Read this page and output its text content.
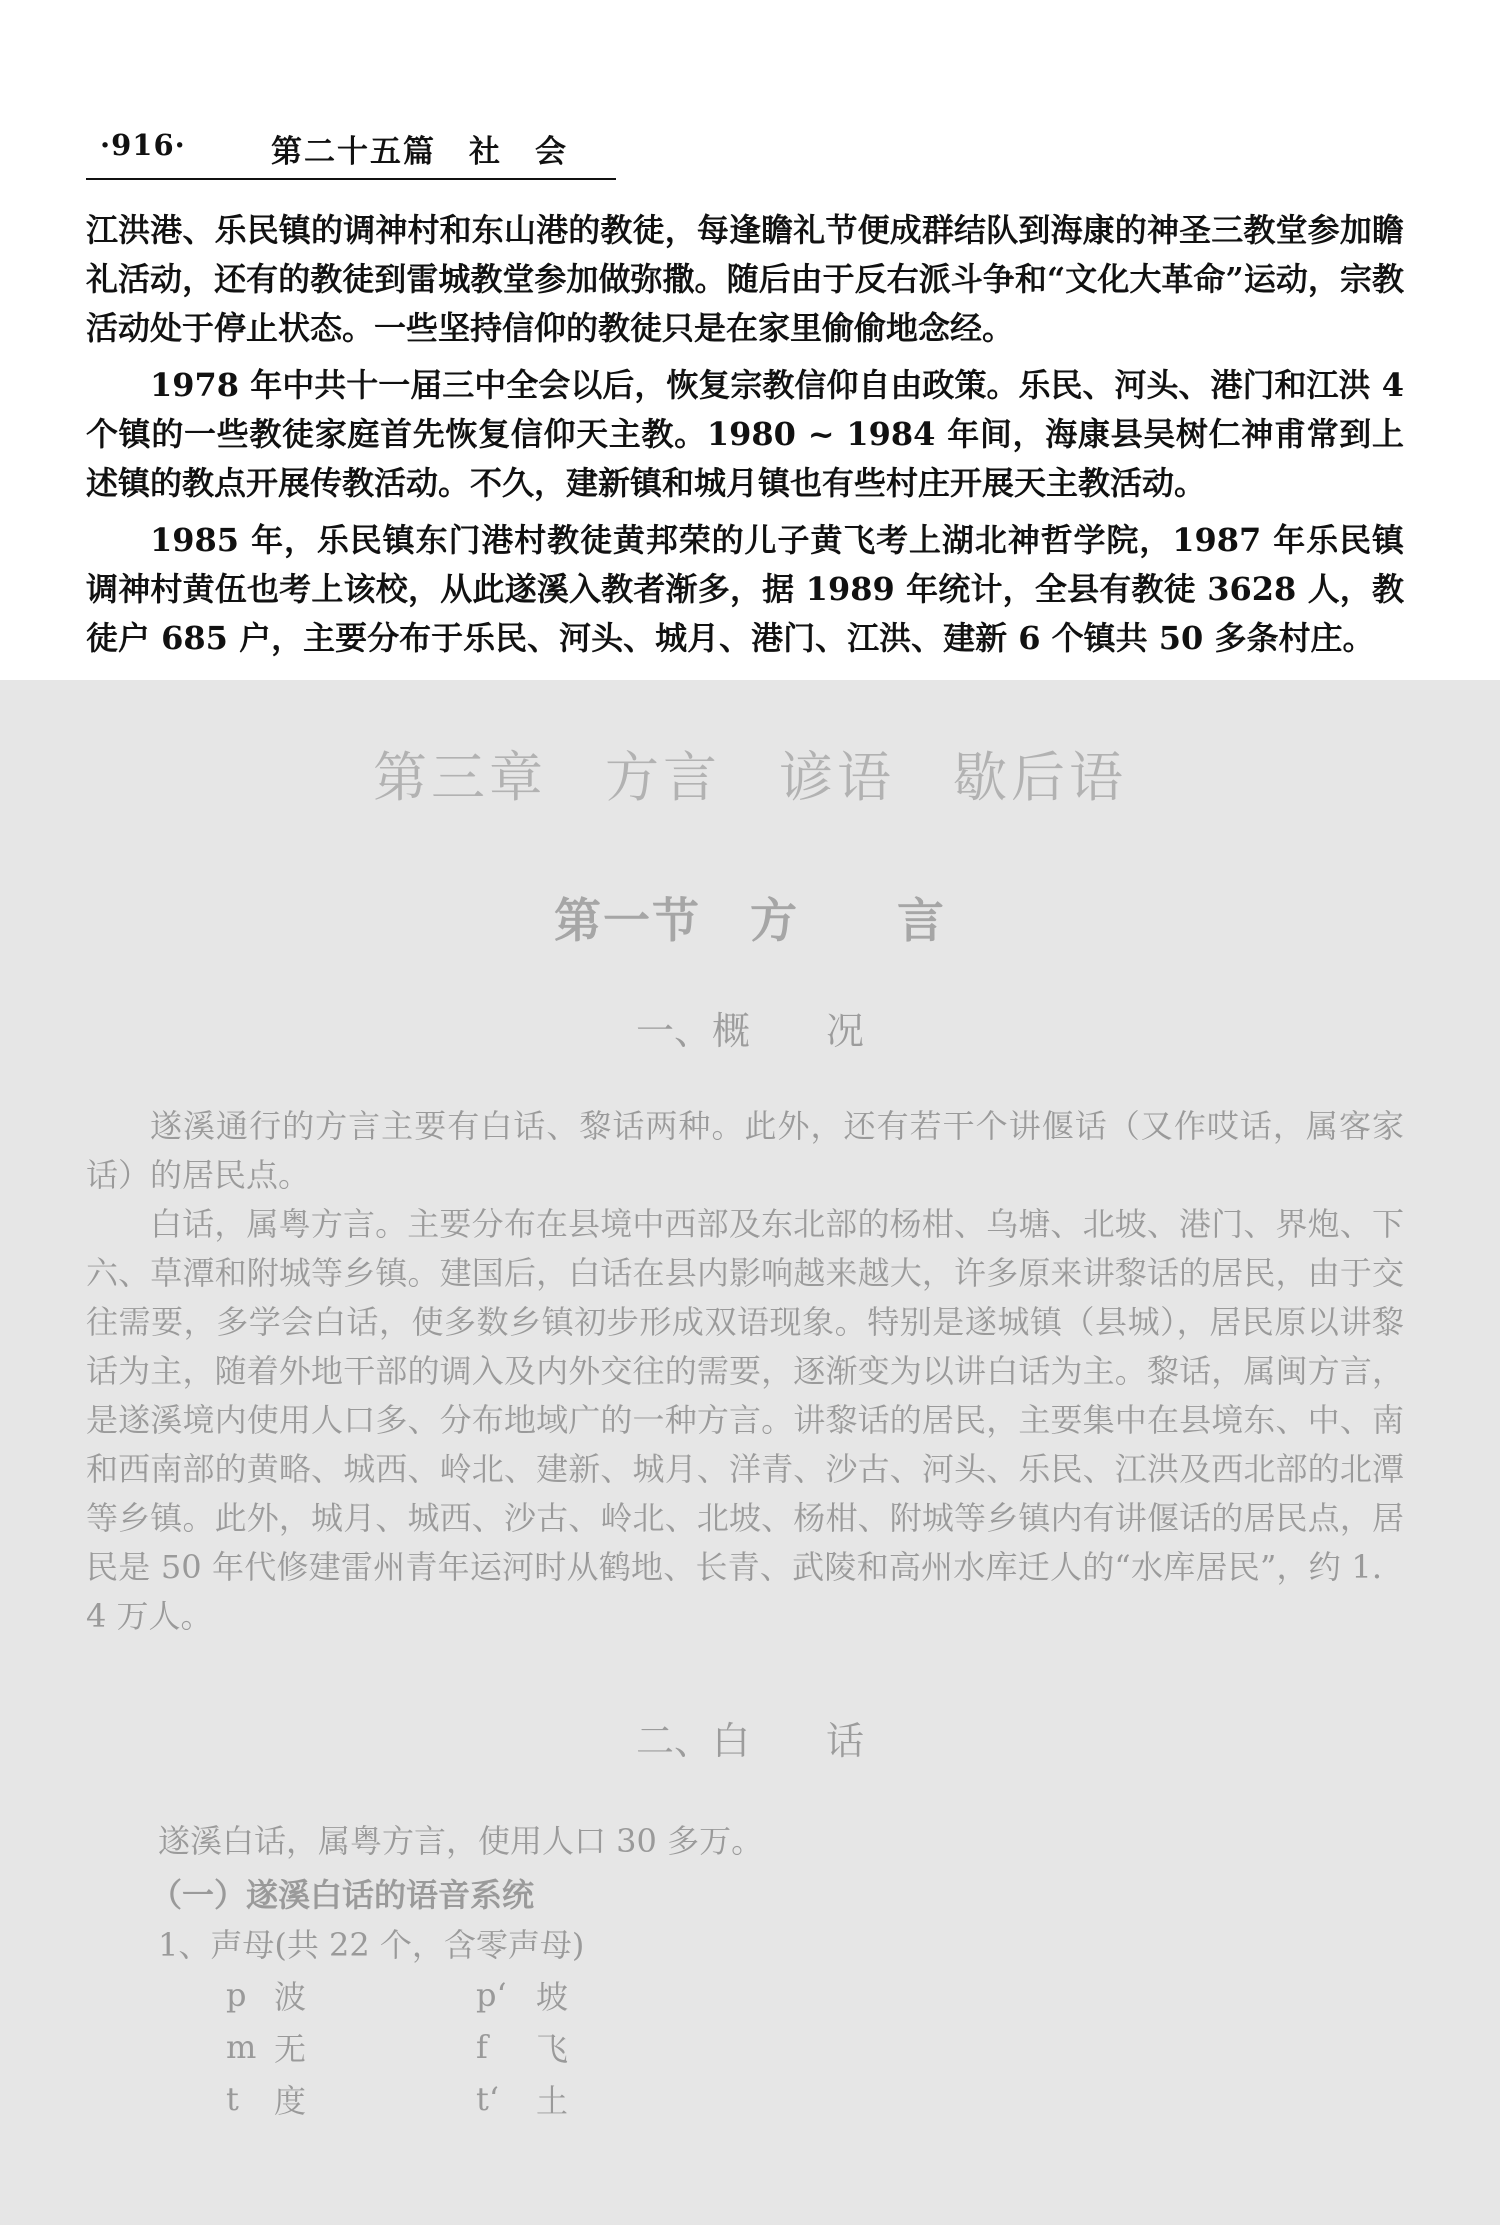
·916·	第二十五篇　社　会

江洪港、乐民镇的调神村和东山港的教徒，每逢瞻礼节便成群结队到海康的神圣三教堂参加瞻礼活动，还有的教徒到雷城教堂参加做弥撒。随后由于反右派斗争和“文化大革命”运动，宗教活动处于停止状态。一些坚持信仰的教徒只是在家里偷偷地念经。

1978 年中共十一届三中全会以后，恢复宗教信仰自由政策。乐民、河头、港门和江洪 4 个镇的一些教徒家庭首先恢复信仰天主教。1980 ~ 1984 年间，海康县吴树仁神甫常到上述镇的教点开展传教活动。不久，建新镇和城月镇也有些村庄开展天主教活动。

1985 年，乐民镇东门港村教徒黄邦荣的儿子黄飞考上湖北神哲学院，1987 年乐民镇调神村黄伍也考上该校，从此遂溪入教者渐多，据 1989 年统计，全县有教徒 3628 人，教徒户 685 户，主要分布于乐民、河头、城月、港门、江洪、建新 6 个镇共 50 多条村庄。

第三章　方言　谚语　歇后语
第一节　方　　言
一、概　　况

遂溪通行的方言主要有白话、黎话两种。此外，还有若干个讲偃话（又作哎话，属客家话）的居民点。

白话，属粤方言。主要分布在县境中西部及东北部的杨柑、乌塘、北坡、港门、界炮、下六、草潭和附城等乡镇。建国后，白话在县内影响越来越大，许多原来讲黎话的居民，由于交往需要，多学会白话，使多数乡镇初步形成双语现象。特别是遂城镇（县城），居民原以讲黎话为主，随着外地干部的调入及内外交往的需要，逐渐变为以讲白话为主。黎话，属闽方言，是遂溪境内使用人口多、分布地域广的一种方言。讲黎话的居民，主要集中在县境东、中、南和西南部的黄略、城西、岭北、建新、城月、洋青、沙古、河头、乐民、江洪及西北部的北潭等乡镇。此外，城月、城西、沙古、岭北、北坡、杨柑、附城等乡镇内有讲偃话的居民点，居民是 50 年代修建雷州青年运河时从鹤地、长青、武陵和高州水库迁人的“水库居民”，约 1．4 万人。

二、白　　话
遂溪白话，属粤方言，使用人口 30 多万。
（一）遂溪白话的语音系统
1、声母(共 22 个，含零声母)
p 波	p‘ 坡
m 无	f 飞
t 度	t‘ 土
